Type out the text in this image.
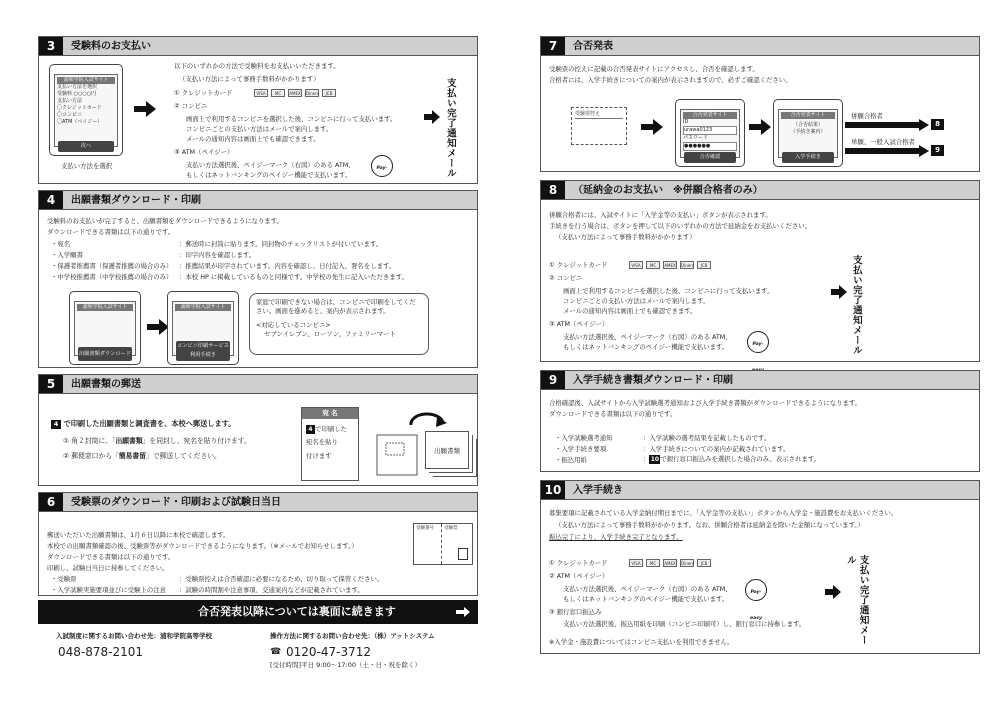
3	受験料のお支払い
浦和学院入試サイト
支払い方法を選択
受験料 ○○○○円
支払い方法
〇クレジットカード
〇コンビニ
〇ATM（ペイジー）
次へ
支払い方法を選択
以下のいずれかの方法で受験料をお支払いいただきます。
（支払い方法によって事務手数料がかかります）
① クレジットカード	VISA	MC	AMEX	Diners	JCB
② コンビニ
画面上で利用するコンビニを選択した後、コンビニに行って支払います。
コンビニごとの支払い方法はメールで案内します。
メールの通知内容は画面上でも確認できます。
③ ATM（ペイジー）
支払い方法選択後、ペイジーマーク（右図）のある ATM、
もしくはネットバンキングのペイジー機能で支払います。
Pay-	支払い完了通知メール
4	出願書類ダウンロード・印刷
受験料のお支払いが完了すると、出願書類をダウンロードできるようになります。
ダウンロードできる書類は以下の通りです。
・宛名	：郵送時に封筒に貼ります。同封物のチェックリストが付いています。
・入学願書	：印字内容を確認します。
・保護者推薦書（保護者推薦の場合のみ） ：推薦結果が印字されています。内容を確認し、日付記入、署名をします。
・中学校推薦書（中学校推薦の場合のみ） ：本校 HP に掲載しているものと同様です。中学校の先生に記入いただきます。
浦和学院入試サイト
出願書類ダウンロード
浦和学院入試サイト
コンビニ印刷サービス利用手続き
家庭で印刷できない場合は、コンビニで印刷をしてください。画面を進めると、案内が表示されます。
<対応しているコンビニ>
セブンイレブン、ローソン、ファミリーマート
5	出願書類の郵送
4 で印刷した出願書類と調査書を、本校へ郵送します。
① 角２封筒に、「出願書類」を同封し、宛名を貼り付けます。
② 郵便窓口から「簡易書留」で郵送してください。
宛 名
4 で印刷した
宛名を貼り
付けます
出願書類
6	受験票のダウンロード・印刷および試験日当日
郵送いただいた出願書類は、1月６日以降に本校で確認します。
本校での出願書類確認の後、受験票等がダウンロードできるようになります。（※メールでお知らせします。）
ダウンロードできる書類は以下の通りです。
印刷し、試験日当日に持参してください。
・受験票	：受験票控えは合否確認に必要になるため、切り取って保管ください。
・入学試験実施要項並びに受験上の注意 ：試験の時間割や注意事項、交通案内などが記載されています。
受験番号	受験票
合否発表以降については裏面に続きます
入試制度に関するお問い合わせ先：浦和学院高等学校
048-878-2101
操作方法に関するお問い合わせ先：（株）アットシステム
☎ 0120-47-3712
[受付時間]平日 9:00～17:00（土・日・祝を除く）
7	合否発表
受験票の控えに記載の合否発表サイトにアクセスし、合否を確認します。
合格者には、入学手続きについての案内が表示されますので、必ずご確認ください。
受験票控え	合否発表サイト
ID
urawa0123
パスワード
●●●●●●
合否確認
合否発表サイト
（合否結果）
（手続き案内）
入学手続き
併願合格者
8
単願、一般入試合格者
9
8	（延納金のお支払い　※併願合格者のみ）
併願合格者には、入試サイトに「入学金等の支払い」ボタンが表示されます。
手続きを行う場合は、ボタンを押して以下のいずれかの方法で延納金をお支払いください。
（支払い方法によって事務手数料がかかります）
① クレジットカード	VISA	MC	AMEX	Diners	JCB
② コンビニ
画面上で利用するコンビニを選択した後、コンビニに行って支払います。
コンビニごとの支払い方法はメールで案内します。
メールの通知内容は画面上でも確認できます。
③ ATM（ペイジー）
支払い方法選択後、ペイジーマーク（右図）のある ATM、
もしくはネットバンキングのペイジー機能で支払います。	Pay-	支払い完了通知メール
9	入学手続き書類ダウンロード・印刷
合格確認後、入試サイトから入学試験選考通知および入学手続き書類がダウンロードできるようになります。
ダウンロードできる書類は以下の通りです。
・入学試験選考通知	：入学試験の選考結果を記載したものです。
・入学手続き要項	：入学手続きについての案内が記載されています。
・振込用紙	：10で銀行窓口振込みを選択した場合のみ、表示されます。
10	入学手続き
募集要項に記載されている入学金納付期日までに、「入学金等の支払い」ボタンから入学金・施設費をお支払いください。
（支払い方法によって事務手数料がかかります。なお、併願合格者は延納金を除いた金額になっています。）
振込完了により、入学手続き完了となります。
① クレジットカード	VISA	MC	AMEX	Diners	JCB
② ATM（ペイジー）
支払い方法選択後、ペイジーマーク（右図）のある ATM、
もしくはネットバンキングのペイジー機能で支払います。
Pay-easy
③ 銀行窓口振込み
支払い方法選択後、振込用紙を印刷（コンビニ印刷可）し、銀行窓口に持参します。
※入学金・施設費についてはコンビニ支払いを利用できません。	支払い完了通知メール
